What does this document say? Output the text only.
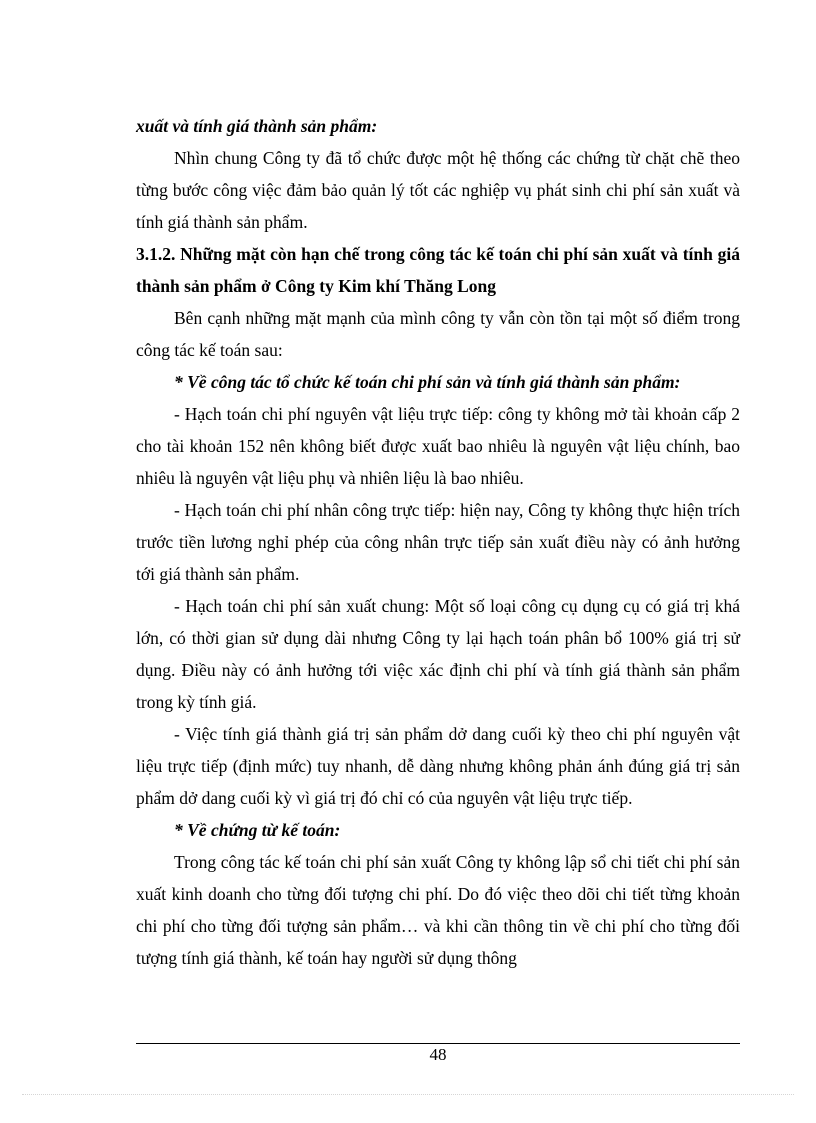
xuất và tính giá thành sản phẩm:

Nhìn chung Công ty đã tổ chức được một hệ thống các chứng từ chặt chẽ theo từng bước công việc đảm bảo quản lý tốt các nghiệp vụ phát sinh chi phí sản xuất và tính giá thành sản phẩm.

3.1.2. Những mặt còn hạn chế trong công tác kế toán chi phí sản xuất và tính giá thành sản phẩm ở Công ty Kim khí Thăng Long

Bên cạnh những mặt mạnh của mình công ty vẫn còn tồn tại một số điểm trong công tác kế toán sau:

* Về công tác tổ chức kế toán chi phí sản và tính giá thành sản phẩm:

- Hạch toán chi phí nguyên vật liệu trực tiếp: công ty không mở tài khoản cấp 2 cho tài khoản 152 nên không biết được xuất bao nhiêu là nguyên vật liệu chính, bao nhiêu là nguyên vật liệu phụ và nhiên liệu là bao nhiêu.

- Hạch toán chi phí nhân công trực tiếp: hiện nay, Công ty không thực hiện trích trước tiền lương nghỉ phép của công nhân trực tiếp sản xuất điều này có ảnh hưởng tới giá thành sản phẩm.

- Hạch toán chi phí sản xuất chung: Một số loại công cụ dụng cụ có giá trị khá lớn, có thời gian sử dụng dài nhưng Công ty lại hạch toán phân bổ 100% giá trị sử dụng. Điều này có ảnh hưởng tới việc xác định chi phí và tính giá thành sản phẩm trong kỳ tính giá.

- Việc tính giá thành giá trị sản phẩm dở dang cuối kỳ theo chi phí nguyên vật liệu trực tiếp (định mức) tuy nhanh, dễ dàng nhưng không phản ánh đúng giá trị sản phẩm dở dang cuối kỳ vì giá trị đó chỉ có của nguyên vật liệu trực tiếp.

* Về chứng từ kế toán:

Trong công tác kế toán chi phí sản xuất Công ty không lập sổ chi tiết chi phí sản xuất kinh doanh cho từng đối tượng chi phí. Do đó việc theo dõi chi tiết từng khoản chi phí cho từng đối tượng sản phẩm… và khi cần thông tin về chi phí cho từng đối tượng tính giá thành, kế toán hay người sử dụng thông

48
